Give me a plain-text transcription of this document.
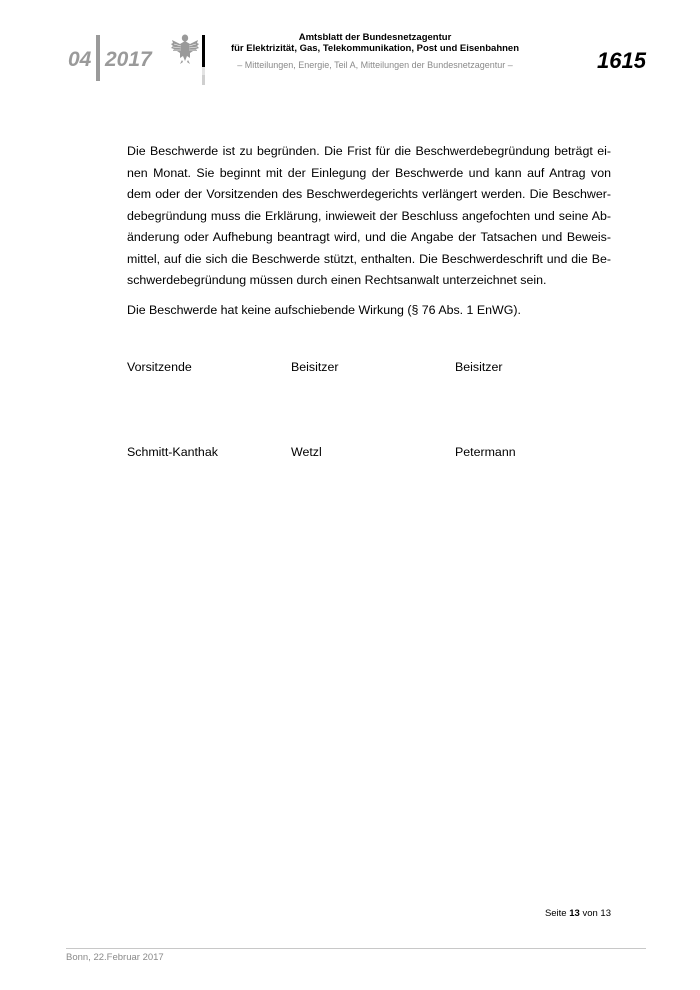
04 2017
Amtsblatt der Bundesnetzagentur
für Elektrizität, Gas, Telekommunikation, Post und Eisenbahnen
– Mitteilungen, Energie, Teil A, Mitteilungen der Bundesnetzagentur –	1615

Die Beschwerde ist zu begründen. Die Frist für die Beschwerdebegründung beträgt einen Monat. Sie beginnt mit der Einlegung der Beschwerde und kann auf Antrag von dem oder der Vorsitzenden des Beschwerdegerichts verlängert werden. Die Beschwerdebegründung muss die Erklärung, inwieweit der Beschluss angefochten und seine Abänderung oder Aufhebung beantragt wird, und die Angabe der Tatsachen und Beweismittel, auf die sich die Beschwerde stützt, enthalten. Die Beschwerdeschrift und die Beschwerdebegründung müssen durch einen Rechtsanwalt unterzeichnet sein.

Die Beschwerde hat keine aufschiebende Wirkung (§ 76 Abs. 1 EnWG).

Vorsitzende	Beisitzer	Beisitzer
Schmitt-Kanthak	Wetzl	Petermann
Seite 13 von 13
Bonn, 22.Februar 2017
